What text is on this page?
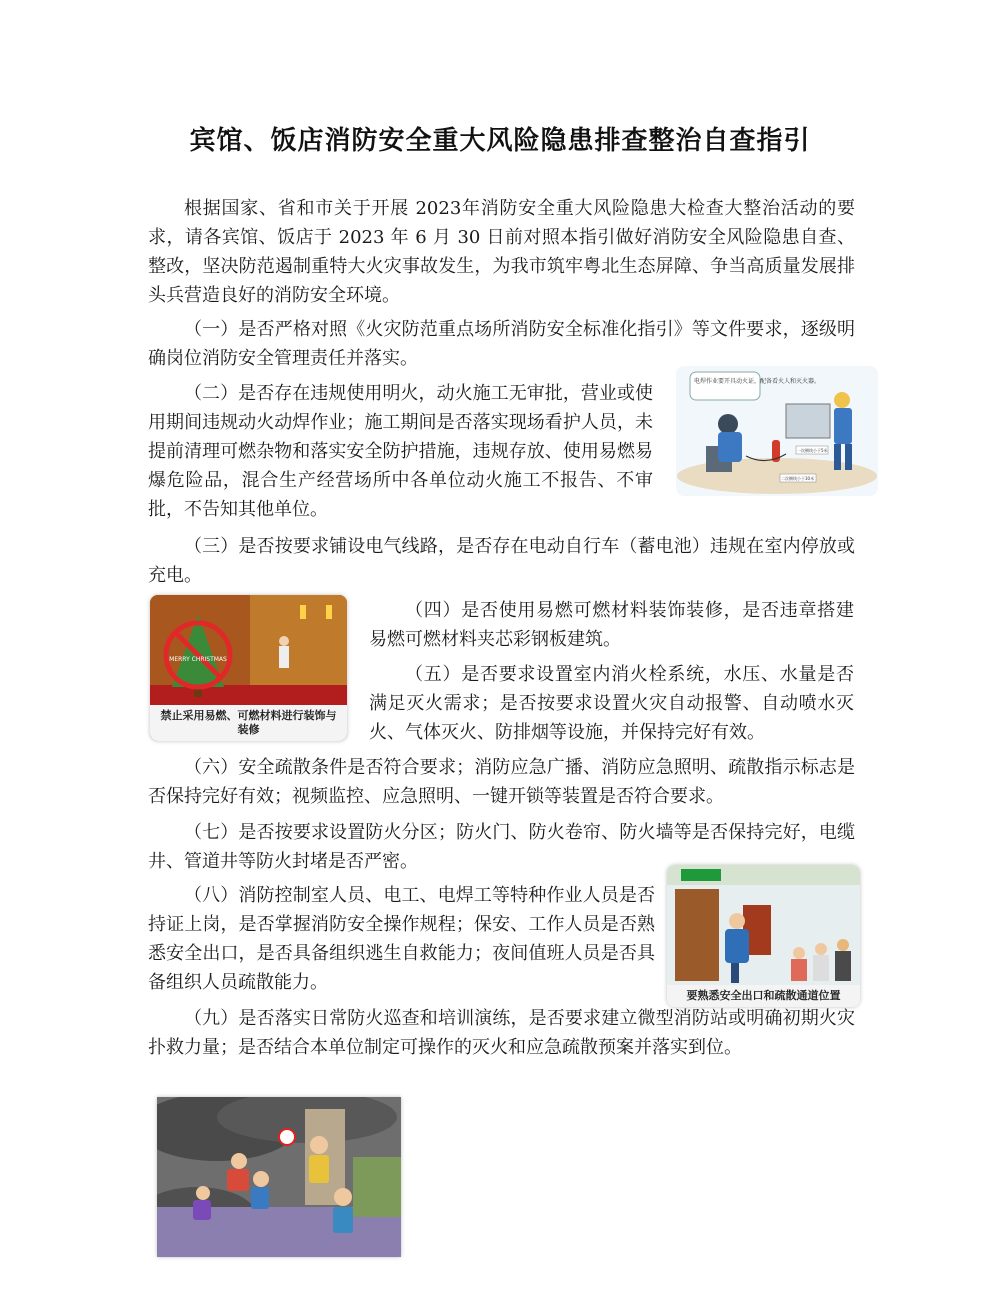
宾馆、饭店消防安全重大风险隐患排查整治自查指引

根据国家、省和市关于开展 2023年消防安全重大风险隐患大检查大整治活动的要求，请各宾馆、饭店于 2023 年 6 月 30 日前对照本指引做好消防安全风险隐患自查、整改，坚决防范遏制重特大火灾事故发生，为我市筑牢粤北生态屏障、争当高质量发展排头兵营造良好的消防安全环境。

（一）是否严格对照《火灾防范重点场所消防安全标准化指引》等文件要求，逐级明确岗位消防安全管理责任并落实。

（二）是否存在违规使用明火，动火施工无审批，营业或使用期间违规动火动焊作业；施工期间是否落实现场看护人员，未提前清理可燃杂物和落实安全防护措施，违规存放、使用易燃易爆危险品，混合生产经营场所中各单位动火施工不报告、不审批，不告知其他单位。

电焊作业要开具动火证，配备看火人和灭火器。
一次侧线小于5米
二次侧线小于30米

（三）是否按要求铺设电气线路，是否存在电动自行车（蓄电池）违规在室内停放或充电。

MERRY CHRISTMAS
禁止采用易燃、可燃材料进行装饰与装修

（四）是否使用易燃可燃材料装饰装修，是否违章搭建易燃可燃材料夹芯彩钢板建筑。

（五）是否要求设置室内消火栓系统，水压、水量是否满足灭火需求；是否按要求设置火灾自动报警、自动喷水灭火、气体灭火、防排烟等设施，并保持完好有效。

（六）安全疏散条件是否符合要求；消防应急广播、消防应急照明、疏散指示标志是否保持完好有效；视频监控、应急照明、一键开锁等装置是否符合要求。

（七）是否按要求设置防火分区；防火门、防火卷帘、防火墙等是否保持完好，电缆井、管道井等防火封堵是否严密。

（八）消防控制室人员、电工、电焊工等特种作业人员是否持证上岗，是否掌握消防安全操作规程；保安、工作人员是否熟悉安全出口，是否具备组织逃生自救能力；夜间值班人员是否具备组织人员疏散能力。

要熟悉安全出口和疏散通道位置

（九）是否落实日常防火巡查和培训演练，是否要求建立微型消防站或明确初期火灾扑救力量；是否结合本单位制定可操作的灭火和应急疏散预案并落实到位。
